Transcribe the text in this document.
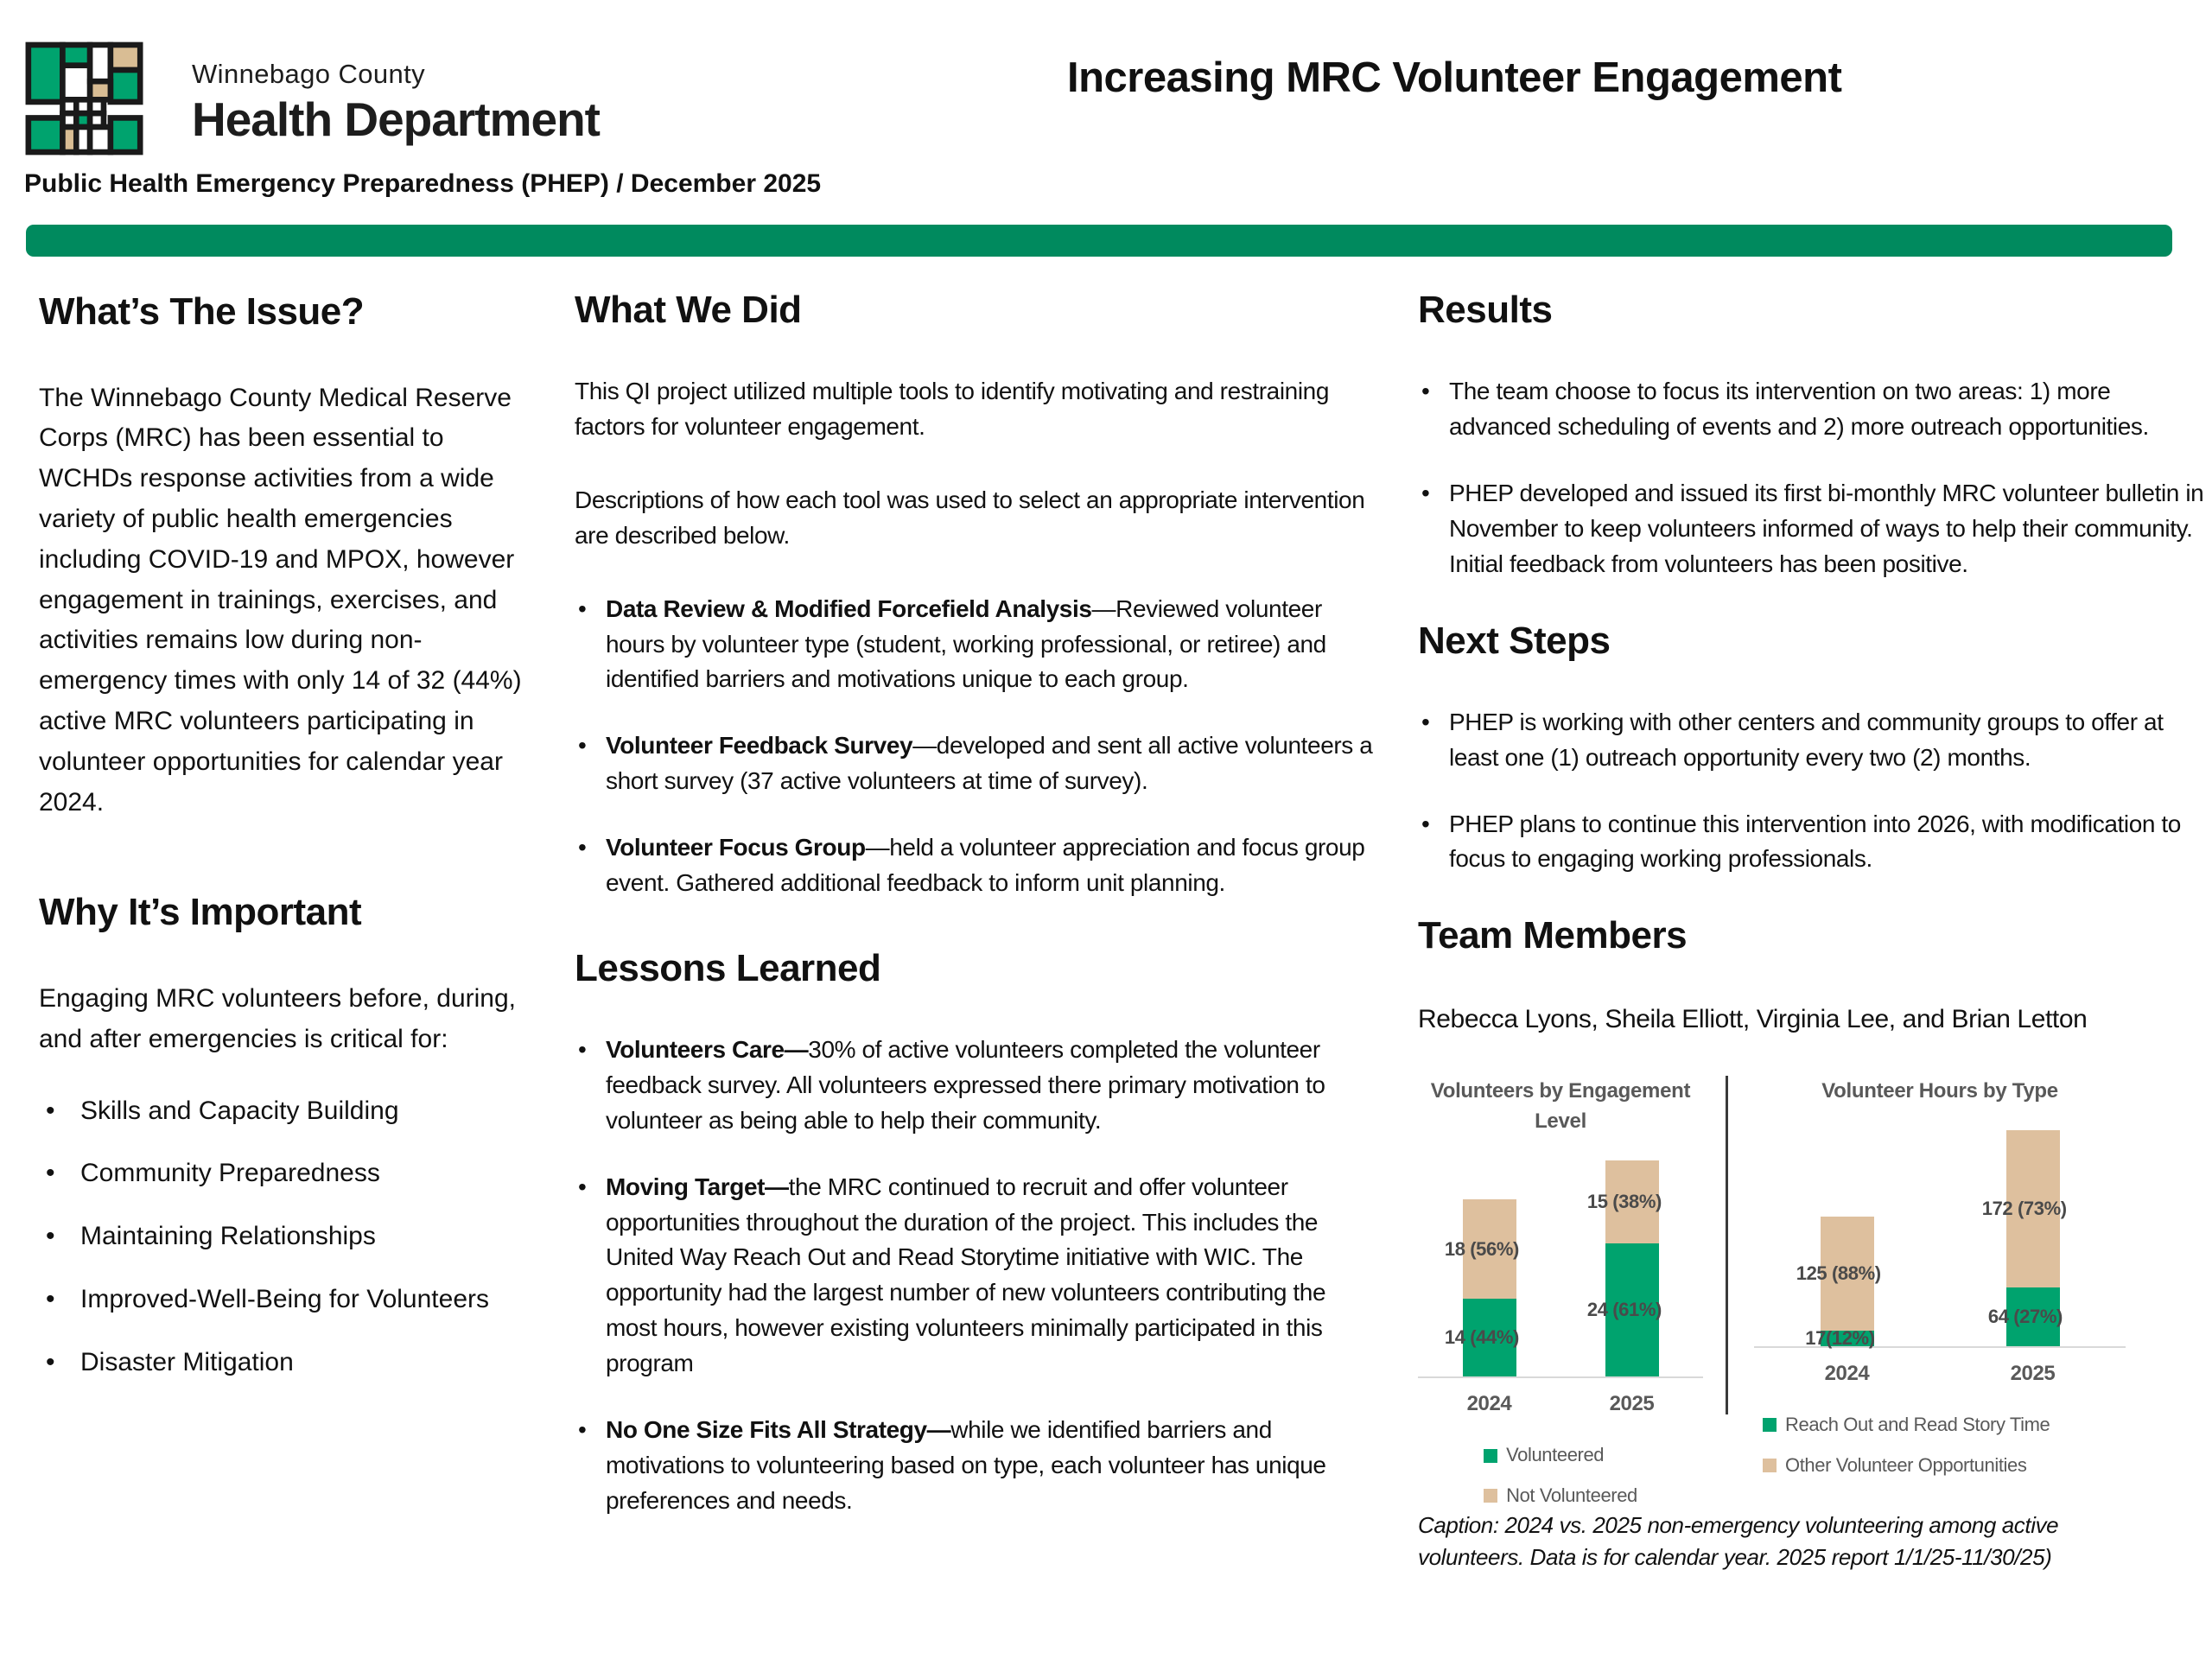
Winnebago County
Health Department
Increasing MRC Volunteer Engagement
Public Health Emergency Preparedness (PHEP) / December 2025
What’s The Issue?

The Winnebago County Medical Reserve Corps (MRC) has been essential to WCHDs response activities from a wide variety of public health emergencies including COVID-19 and MPOX, however engagement in trainings, exercises, and activities remains low during non-emergency times with only 14 of 32 (44%) active MRC volunteers participating in volunteer opportunities for calendar year 2024.

Why It’s Important

Engaging MRC volunteers before, during, and after emergencies is critical for:

• Skills and Capacity Building
• Community Preparedness
• Maintaining Relationships
• Improved-Well-Being for Volunteers
• Disaster Mitigation
What We Did

This QI project utilized multiple tools to identify motivating and restraining factors for volunteer engagement.

Descriptions of how each tool was used to select an appropriate intervention are described below.

• Data Review & Modified Forcefield Analysis—Reviewed volunteer hours by volunteer type (student, working professional, or retiree) and identified barriers and motivations unique to each group.
• Volunteer Feedback Survey—developed and sent all active volunteers a short survey (37 active volunteers at time of survey).
• Volunteer Focus Group—held a volunteer appreciation and focus group event. Gathered additional feedback to inform unit planning.
Lessons Learned
• Volunteers Care—30% of active volunteers completed the volunteer feedback survey. All volunteers expressed there primary motivation to volunteer as being able to help their community.
• Moving Target—the MRC continued to recruit and offer volunteer opportunities throughout the duration of the project. This includes the United Way Reach Out and Read Storytime initiative with WIC. The opportunity had the largest number of new volunteers contributing the most hours, however existing volunteers minimally participated in this program
• No One Size Fits All Strategy—while we identified barriers and motivations to volunteering based on type, each volunteer has unique preferences and needs.
Results
• The team choose to focus its intervention on two areas: 1) more advanced scheduling of events and 2) more outreach opportunities.
• PHEP developed and issued its first bi-monthly MRC volunteer bulletin in November to keep volunteers informed of ways to help their community. Initial feedback from volunteers has been positive.
Next Steps
• PHEP is working with other centers and community groups to offer at least one (1) outreach opportunity every two (2) months.
• PHEP plans to continue this intervention into 2026, with modification to focus to engaging working professionals.
Team Members

Rebecca Lyons, Sheila Elliott, Virginia Lee, and Brian Letton

Volunteers by Engagement Level
18 (56%)
14 (44%)
15 (38%)
24 (61%)
2024	2025
Volunteered
Not Volunteered
Volunteer Hours by Type
125 (88%)
17(12%)
172 (73%)
64 (27%)
2024	2025
Reach Out and Read Story Time
Other Volunteer Opportunities

Caption: 2024 vs. 2025 non-emergency volunteering among active volunteers. Data is for calendar year. 2025 report 1/1/25-11/30/25)
